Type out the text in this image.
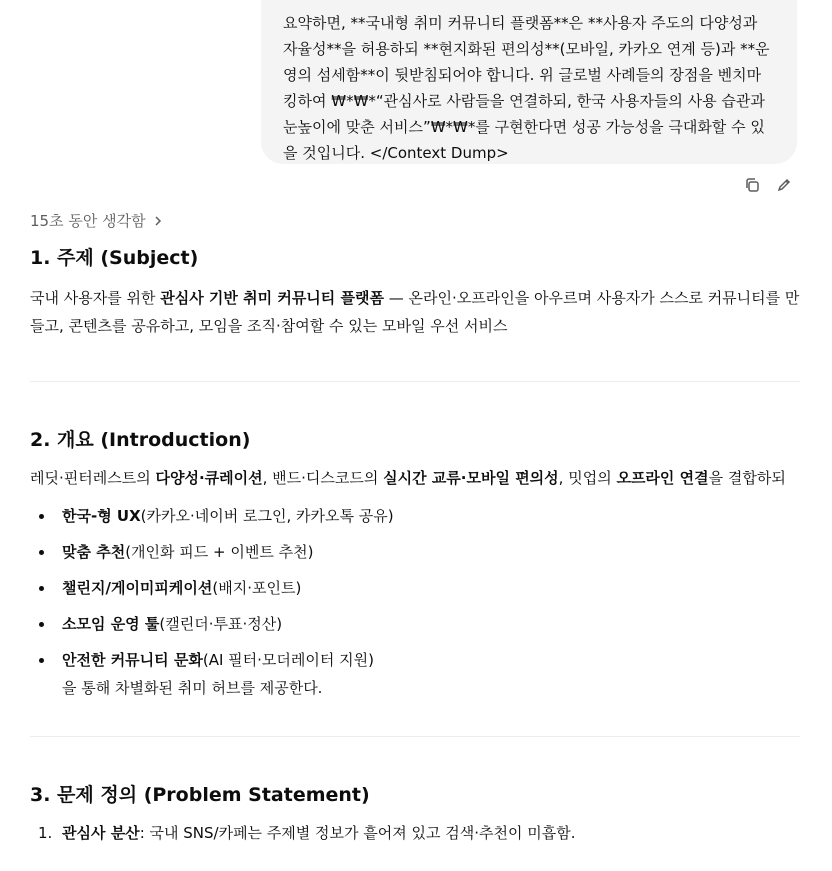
요약하면, **국내형 취미 커뮤니티 플랫폼**은 **사용자 주도의 다양성과 자율성**을 허용하되 **현지화된 편의성**(모바일, 카카오 연계 등)과 **운영의 섬세함**이 뒷받침되어야 합니다. 위 글로벌 사례들의 장점을 벤치마킹하여 ₩*₩*“관심사로 사람들을 연결하되, 한국 사용자들의 사용 습관과 눈높이에 맞춘 서비스”₩*₩*를 구현한다면 성공 가능성을 극대화할 수 있을 것입니다. </Context Dump>
15초 동안 생각함
1. 주제 (Subject)

국내 사용자를 위한 관심사 기반 취미 커뮤니티 플랫폼 — 온라인·오프라인을 아우르며 사용자가 스스로 커뮤니티를 만들고, 콘텐츠를 공유하고, 모임을 조직·참여할 수 있는 모바일 우선 서비스

2. 개요 (Introduction)

레딧·핀터레스트의 다양성·큐레이션, 밴드·디스코드의 실시간 교류·모바일 편의성, 밋업의 오프라인 연결을 결합하되

한국-형 UX(카카오·네이버 로그인, 카카오톡 공유)
맞춤 추천(개인화 피드 + 이벤트 추천)
챌린지/게이미피케이션(배지·포인트)
소모임 운영 툴(캘린더·투표·정산)
안전한 커뮤니티 문화(AI 필터·모더레이터 지원)
을 통해 차별화된 취미 허브를 제공한다.
3. 문제 정의 (Problem Statement)
1. 관심사 분산: 국내 SNS/카페는 주제별 정보가 흩어져 있고 검색·추천이 미흡함.
